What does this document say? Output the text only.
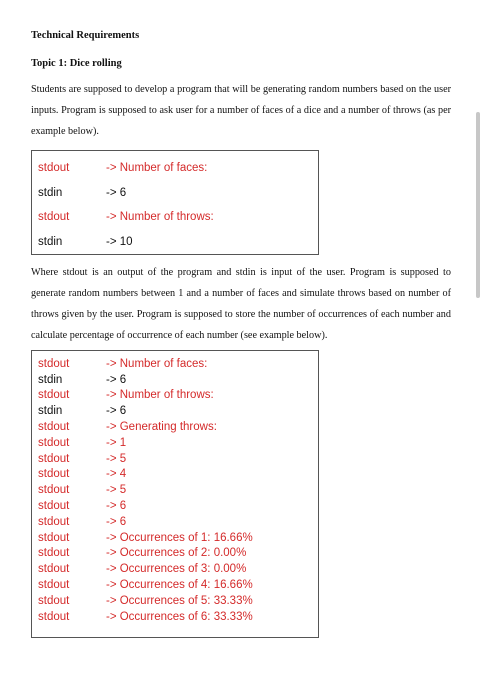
Technical Requirements
Topic 1: Dice rolling

Students are supposed to develop a program that will be generating random numbers based on the user inputs. Program is supposed to ask user for a number of faces of a dice and a number of throws (as per example below).

stdout	-> Number of faces:
stdin	-> 6
stdout	-> Number of throws:
stdin	-> 10

Where stdout is an output of the program and stdin is input of the user. Program is supposed to generate random numbers between 1 and a number of faces and simulate throws based on number of throws given by the user. Program is supposed to store the number of occurrences of each number and calculate percentage of occurrence of each number (see example below).

stdout	-> Number of faces:
stdin	-> 6
stdout	-> Number of throws:
stdin	-> 6
stdout	-> Generating throws:
stdout	-> 1
stdout	-> 5
stdout	-> 4
stdout	-> 5
stdout	-> 6
stdout	-> 6
stdout	-> Occurrences of 1: 16.66%
stdout	-> Occurrences of 2: 0.00%
stdout	-> Occurrences of 3: 0.00%
stdout	-> Occurrences of 4: 16.66%
stdout	-> Occurrences of 5: 33.33%
stdout	-> Occurrences of 6: 33.33%
